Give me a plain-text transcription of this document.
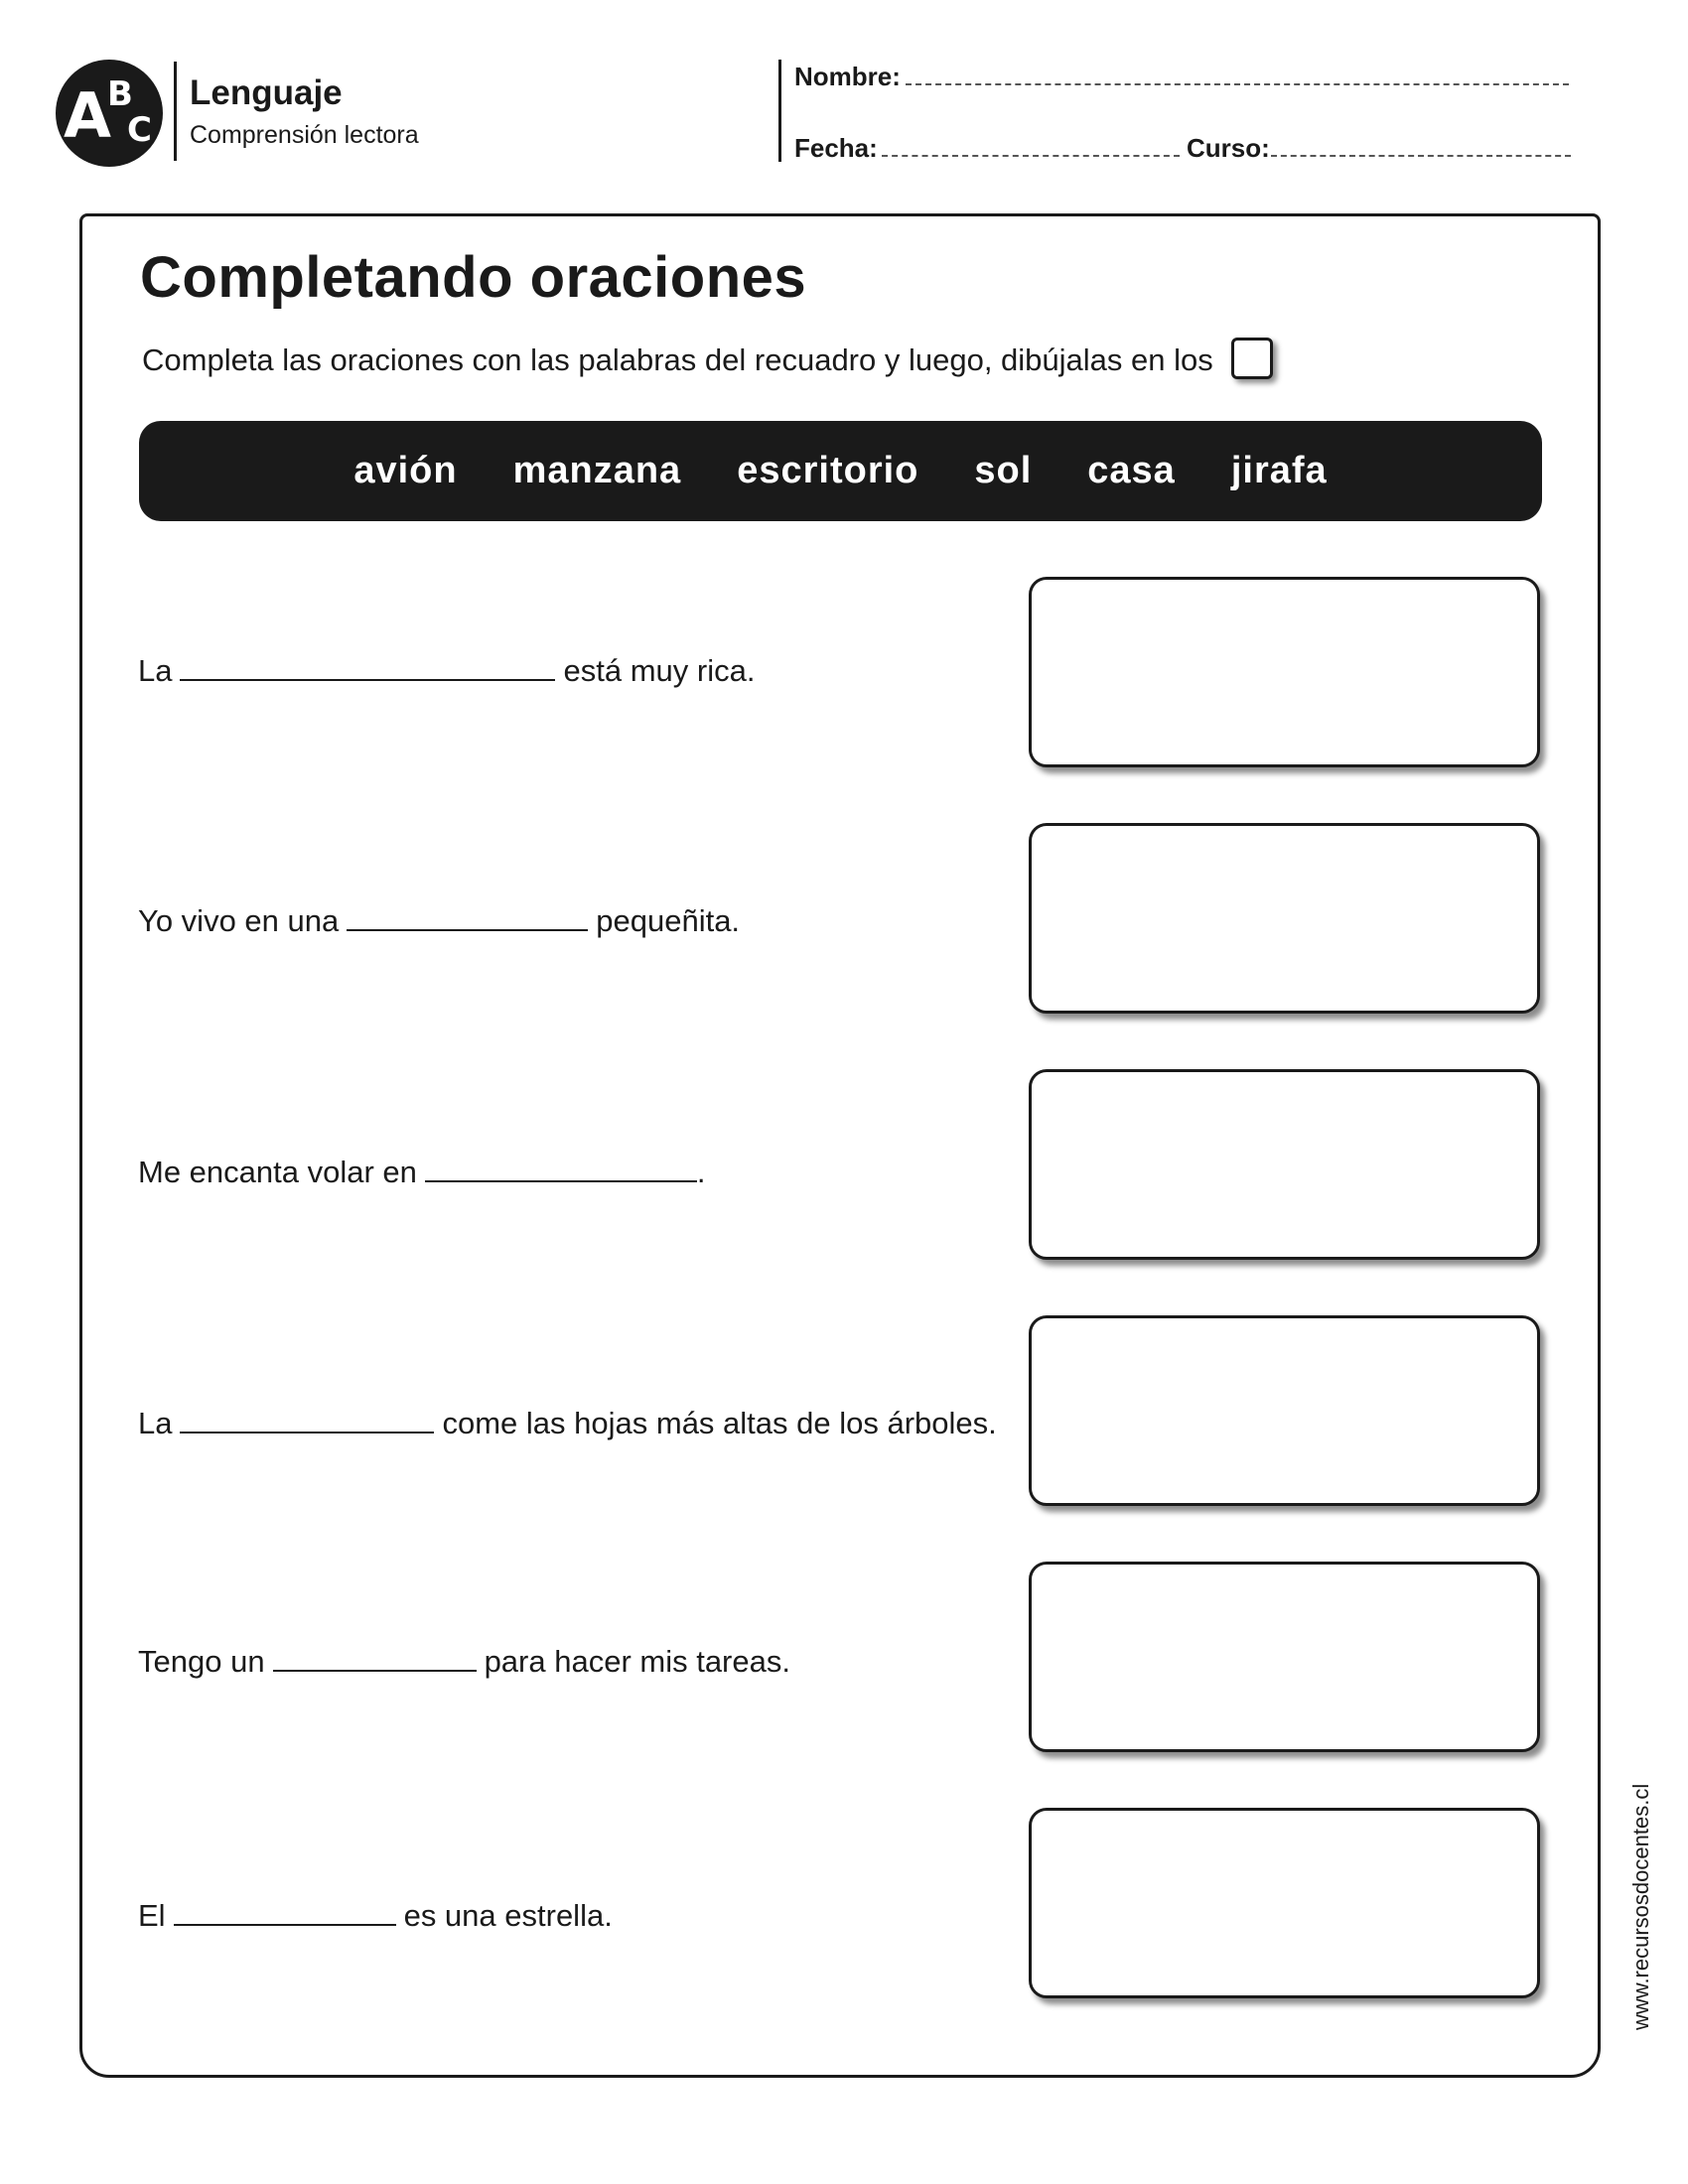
A
B
C
Lenguaje
Comprensión lectora
Nombre:
Fecha:	Curso:
Completando oraciones
Completa las oraciones con las palabras del recuadro y luego, dibújalas en los
avión manzana escritorio sol casa jirafa
La	está muy rica.
Yo vivo en una	pequeñita.
Me encanta volar en	.
La	come las hojas más altas de los árboles.
Tengo un	para hacer mis tareas.
El	es una estrella.	www.recursosdocentes.cl
